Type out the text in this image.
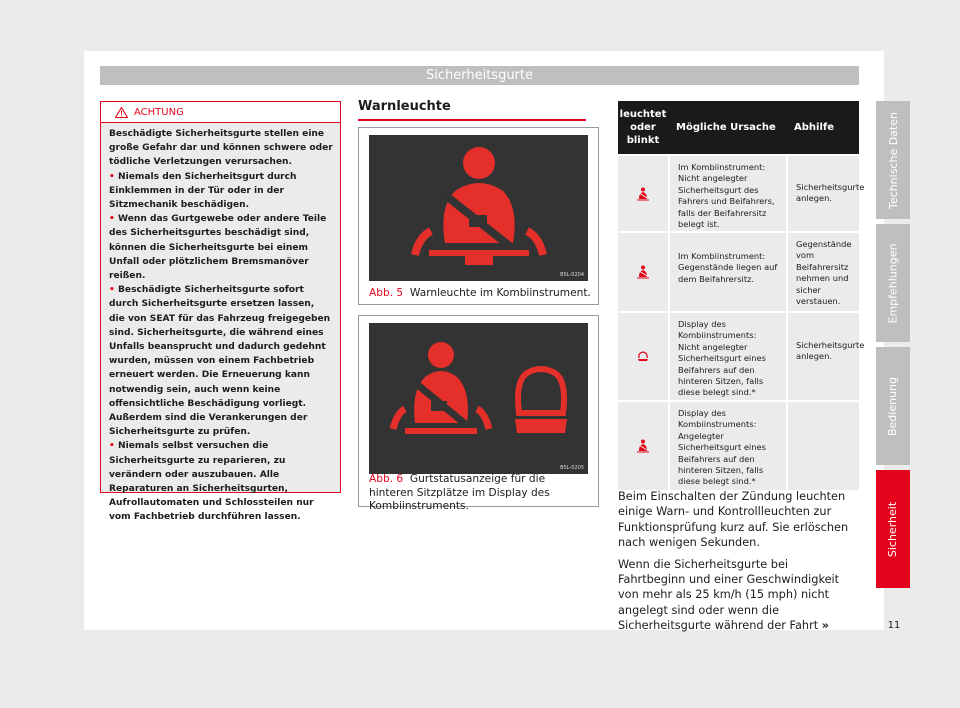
Sicherheitsgurte
ACHTUNG

Beschädigte Sicherheitsgurte stellen eine große Gefahr dar und können schwere oder tödliche Verletzungen verursachen.

• Niemals den Sicherheitsgurt durch Einklemmen in der Tür oder in der Sitzmechanik beschädigen.

• Wenn das Gurtgewebe oder andere Teile des Sicherheitsgurtes beschädigt sind, können die Sicherheitsgurte bei einem Unfall oder plötzlichem Bremsmanöver reißen.

• Beschädigte Sicherheitsgurte sofort durch Sicherheitsgurte ersetzen lassen, die von SEAT für das Fahrzeug freigegeben sind. Sicherheitsgurte, die während eines Unfalls beansprucht und dadurch gedehnt wurden, müssen von einem Fachbetrieb erneuert werden. Die Erneuerung kann notwendig sein, auch wenn keine offensichtliche Beschädigung vorliegt. Außerdem sind die Verankerungen der Sicherheitsgurte zu prüfen.

• Niemals selbst versuchen die Sicherheitsgurte zu reparieren, zu verändern oder auszubauen. Alle Reparaturen an Sicherheitsgurten, Aufrollautomaten und Schlossteilen nur vom Fachbetrieb durchführen lassen.

Warnleuchte
B5L-0204
Abb. 5 Warnleuchte im Kombiinstrument.
B5L-0205
Abb. 6 Gurtstatusanzeige für die hinteren Sitzplätze im Display des Kombiinstruments.
leuchtet oder blinkt
Mögliche Ursache	Abhilfe
Im Kombiinstrument: Nicht angelegter Sicherheitsgurt des Fahrers und Beifahrers, falls der Beifahrersitz belegt ist.
Sicherheitsgurte anlegen.
Im Kombiinstrument: Gegenstände liegen auf dem Beifahrersitz.
Gegenstände vom Beifahrersitz nehmen und sicher verstauen.
Display des Kombiinstruments: Nicht angelegter Sicherheitsgurt eines Beifahrers auf den hinteren Sitzen, falls diese belegt sind.*
Sicherheitsgurte anlegen.
Display des Kombiinstruments: Angelegter Sicherheitsgurt eines Beifahrers auf den hinteren Sitzen, falls diese belegt sind.*

Beim Einschalten der Zündung leuchten einige Warn- und Kontrollleuchten zur Funktionsprüfung kurz auf. Sie erlöschen nach wenigen Sekunden.

Wenn die Sicherheitsgurte bei Fahrtbeginn und einer Geschwindigkeit von mehr als 25 km/h (15 mph) nicht angelegt sind oder wenn die Sicherheitsgurte während der Fahrt »

Technische Daten
Empfehlungen
Bedienung
Sicherheit
11
